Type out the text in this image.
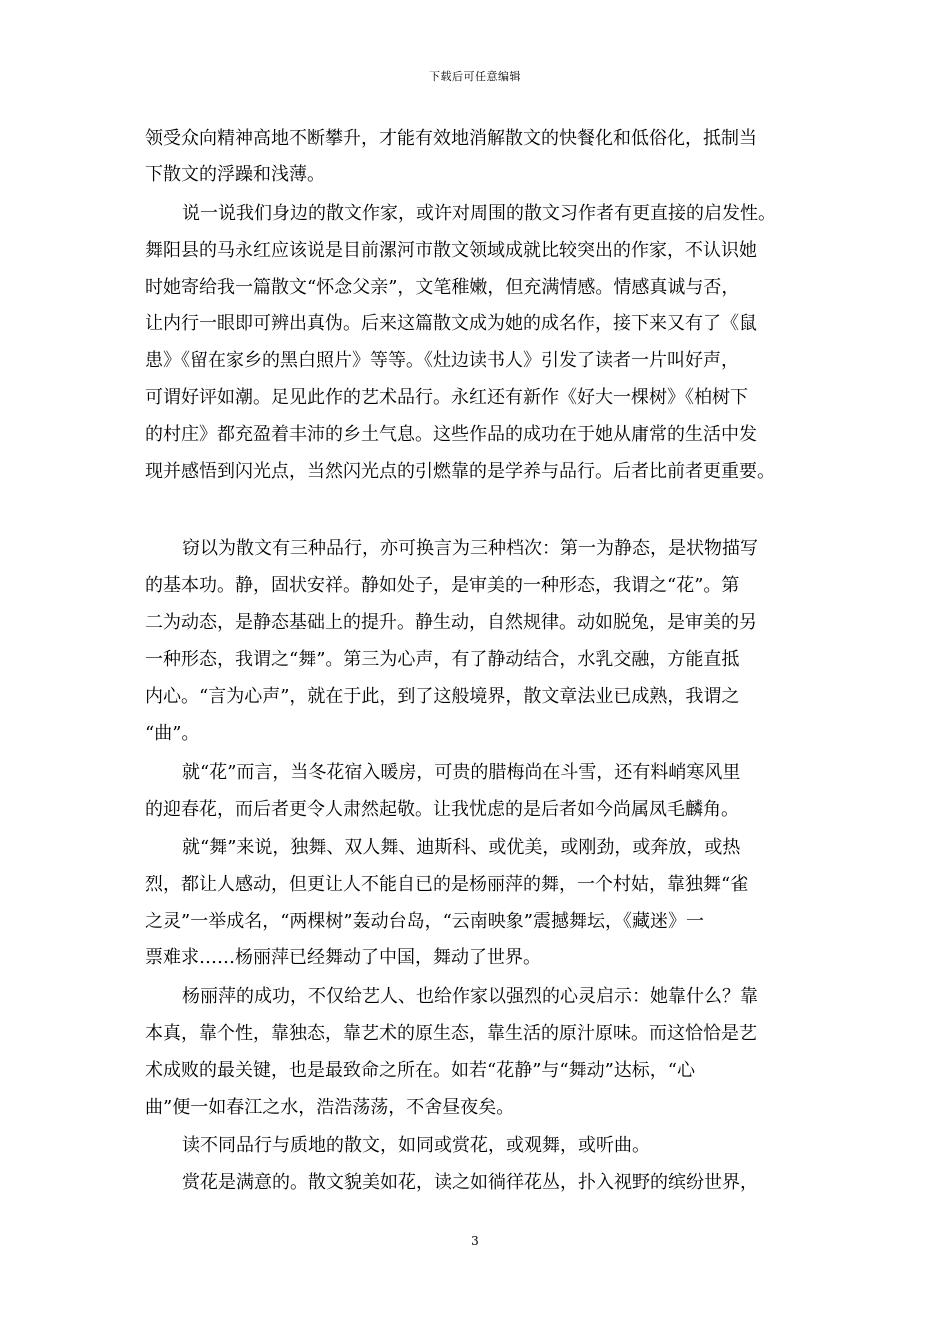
下载后可任意编辑
领受众向精神高地不断攀升，才能有效地消解散文的快餐化和低俗化，抵制当
下散文的浮躁和浅薄。
说一说我们身边的散文作家，或许对周围的散文习作者有更直接的启发性。
舞阳县的马永红应该说是目前漯河市散文领域成就比较突出的作家，不认识她
时她寄给我一篇散文“怀念父亲”，文笔稚嫩，但充满情感。情感真诚与否，
让内行一眼即可辨出真伪。后来这篇散文成为她的成名作，接下来又有了《鼠
患》《留在家乡的黑白照片》等等。《灶边读书人》引发了读者一片叫好声，
可谓好评如潮。足见此作的艺术品行。永红还有新作《好大一棵树》《柏树下
的村庄》都充盈着丰沛的乡土气息。这些作品的成功在于她从庸常的生活中发
现并感悟到闪光点，当然闪光点的引燃靠的是学养与品行。后者比前者更重要。
窃以为散文有三种品行，亦可换言为三种档次：第一为静态，是状物描写
的基本功。静，固状安祥。静如处子，是审美的一种形态，我谓之“花”。第
二为动态，是静态基础上的提升。静生动，自然规律。动如脱兔，是审美的另
一种形态，我谓之“舞”。第三为心声，有了静动结合，水乳交融，方能直抵
内心。“言为心声”，就在于此，到了这般境界，散文章法业已成熟，我谓之
“曲”。
就“花”而言，当冬花宿入暖房，可贵的腊梅尚在斗雪，还有料峭寒风里
的迎春花，而后者更令人肃然起敬。让我忧虑的是后者如今尚属凤毛麟角。
就“舞”来说，独舞、双人舞、迪斯科、或优美，或刚劲，或奔放，或热
烈，都让人感动，但更让人不能自已的是杨丽萍的舞，一个村姑，靠独舞“雀
之灵”一举成名，“两棵树”轰动台岛，“云南映象”震撼舞坛，《藏迷》一
票难求……杨丽萍已经舞动了中国，舞动了世界。
杨丽萍的成功，不仅给艺人、也给作家以强烈的心灵启示：她靠什么？靠
本真，靠个性，靠独态，靠艺术的原生态，靠生活的原汁原味。而这恰恰是艺
术成败的最关键，也是最致命之所在。如若“花静”与“舞动”达标，“心
曲”便一如春江之水，浩浩荡荡，不舍昼夜矣。
读不同品行与质地的散文，如同或赏花，或观舞，或听曲。
赏花是满意的。散文貌美如花，读之如徜徉花丛，扑入视野的缤纷世界，
3
